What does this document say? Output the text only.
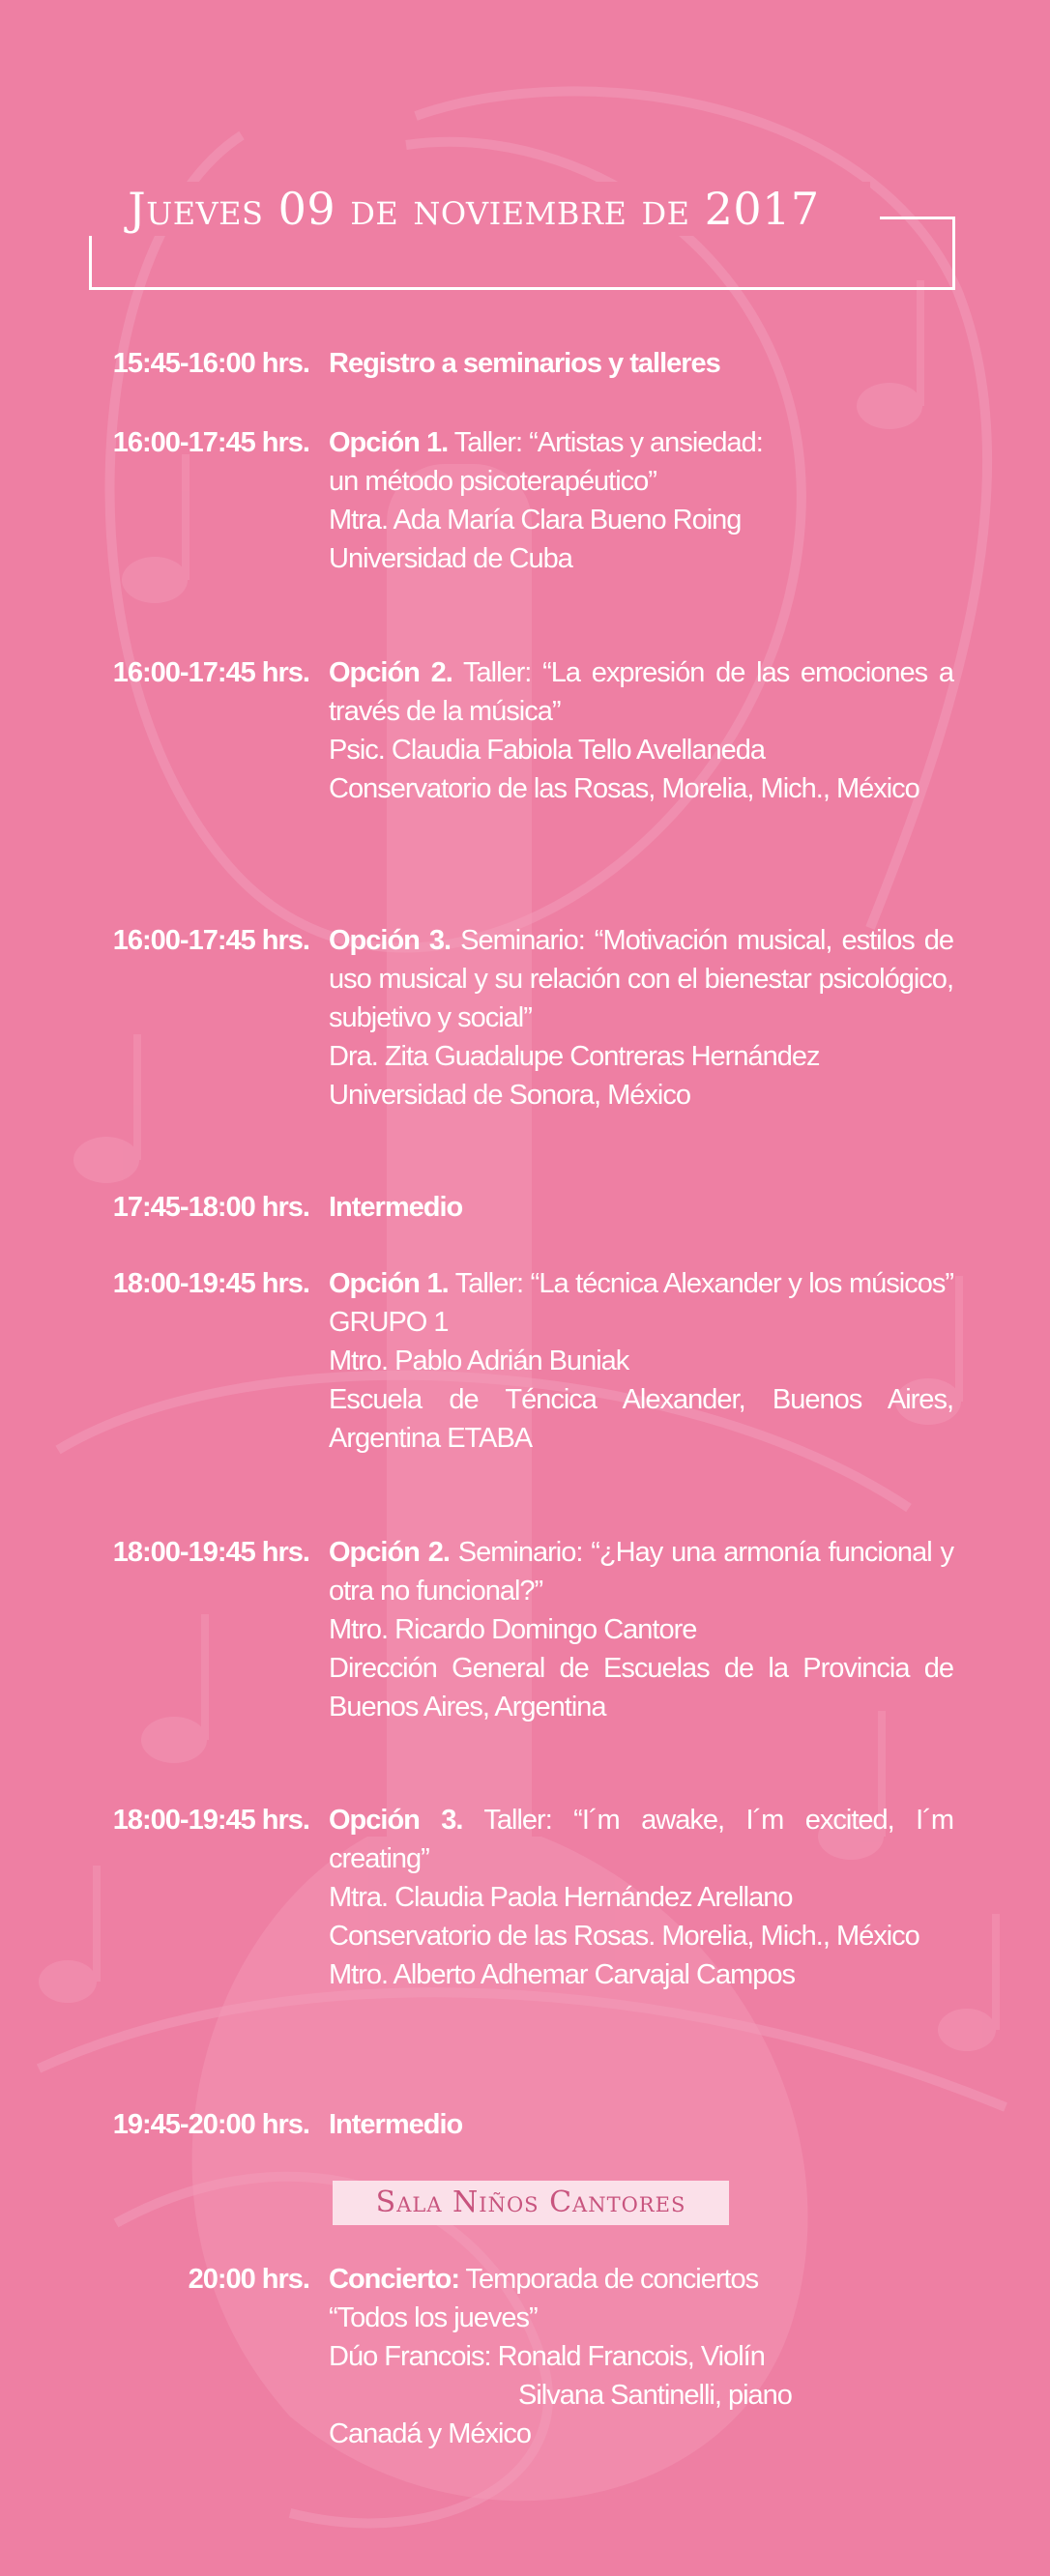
Jueves 09 de noviembre de 2017
15:45-16:00 hrs. Registro a seminarios y talleres
16:00-17:45 hrs. Opción 1. Taller: “Artistas y ansiedad:
un método psicoterapéutico”
Mtra. Ada María Clara Bueno Roing
Universidad de Cuba
16:00-17:45 hrs. Opción 2. Taller: “La expresión de las emociones a través de la música”
Psic. Claudia Fabiola Tello Avellaneda
Conservatorio de las Rosas, Morelia, Mich., México
16:00-17:45 hrs. Opción 3. Seminario: “Motivación musical, estilos de uso musical y su relación con el bienestar psicológico, subjetivo y social”
Dra. Zita Guadalupe Contreras Hernández
Universidad de Sonora, México
17:45-18:00 hrs. Intermedio
18:00-19:45 hrs. Opción 1. Taller: “La técnica Alexander y los músicos” GRUPO 1
Mtro. Pablo Adrián Buniak
Escuela de Téncica Alexander, Buenos Aires, Argentina ETABA
18:00-19:45 hrs. Opción 2. Seminario: “¿Hay una armonía funcional y otra no funcional?”
Mtro. Ricardo Domingo Cantore
Dirección General de Escuelas de la Provincia de Buenos Aires, Argentina
18:00-19:45 hrs. Opción 3. Taller: “I´m awake, I´m excited, I´m creating”
Mtra. Claudia Paola Hernández Arellano
Conservatorio de las Rosas. Morelia, Mich., México
Mtro. Alberto Adhemar Carvajal Campos
19:45-20:00 hrs. Intermedio
Sala Niños Cantores
20:00 hrs. Concierto: Temporada de conciertos
“Todos los jueves”
Dúo Francois: Ronald Francois, Violín
Silvana Santinelli, piano
Canadá y México
